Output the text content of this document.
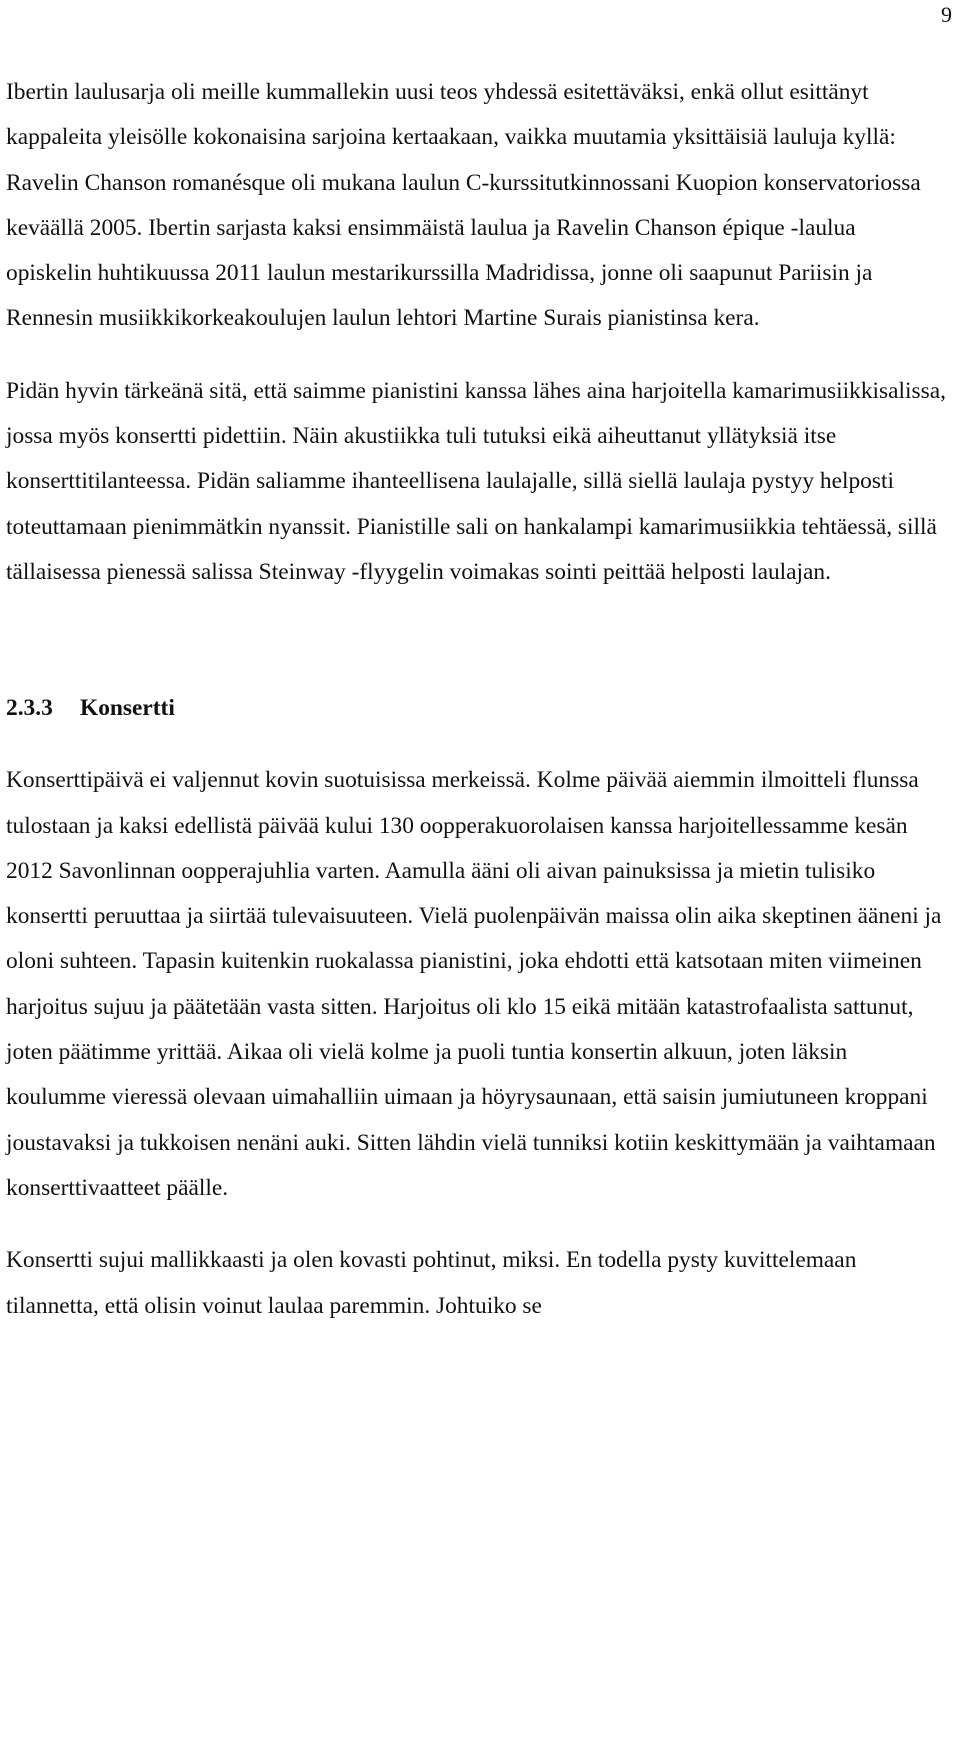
9

Ibertin laulusarja oli meille kummallekin uusi teos yhdessä esitettäväksi, enkä ollut esittänyt kappaleita yleisölle kokonaisina sarjoina kertaakaan, vaikka muutamia yksittäisiä lauluja kyllä: Ravelin Chanson romanésque oli mukana laulun C-kurssitutkinnossani Kuopion konservatoriossa keväällä 2005. Ibertin sarjasta kaksi ensimmäistä laulua ja Ravelin Chanson épique -laulua opiskelin huhtikuussa 2011 laulun mestarikurssilla Madridissa, jonne oli saapunut Pariisin ja Rennesin musiikkikorkeakoulujen laulun lehtori Martine Surais pianistinsa kera.

Pidän hyvin tärkeänä sitä, että saimme pianistini kanssa lähes aina harjoitella kamarimusiikkisalissa, jossa myös konsertti pidettiin. Näin akustiikka tuli tutuksi eikä aiheuttanut yllätyksiä itse konserttitilanteessa. Pidän saliamme ihanteellisena laulajalle, sillä siellä laulaja pystyy helposti toteuttamaan pienimmätkin nyanssit. Pianistille sali on hankalampi kamarimusiikkia tehtäessä, sillä tällaisessa pienessä salissa Steinway -flyygelin voimakas sointi peittää helposti laulajan.

2.3.3	Konsertti

Konserttipäivä ei valjennut kovin suotuisissa merkeissä. Kolme päivää aiemmin ilmoitteli flunssa tulostaan ja kaksi edellistä päivää kului 130 oopperakuorolaisen kanssa harjoitellessamme kesän 2012 Savonlinnan oopperajuhlia varten. Aamulla ääni oli aivan painuksissa ja mietin tulisiko konsertti peruuttaa ja siirtää tulevaisuuteen. Vielä puolenpäivän maissa olin aika skeptinen ääneni ja oloni suhteen. Tapasin kuitenkin ruokalassa pianistini, joka ehdotti että katsotaan miten viimeinen harjoitus sujuu ja päätetään vasta sitten. Harjoitus oli klo 15 eikä mitään katastrofaalista sattunut, joten päätimme yrittää. Aikaa oli vielä kolme ja puoli tuntia konsertin alkuun, joten läksin koulumme vieressä olevaan uimahalliin uimaan ja höyrysaunaan, että saisin jumiutuneen kroppani joustavaksi ja tukkoisen nenäni auki. Sitten lähdin vielä tunniksi kotiin keskittymään ja vaihtamaan konserttivaatteet päälle.

Konsertti sujui mallikkaasti ja olen kovasti pohtinut, miksi. En todella pysty kuvittelemaan tilannetta, että olisin voinut laulaa paremmin. Johtuiko se
